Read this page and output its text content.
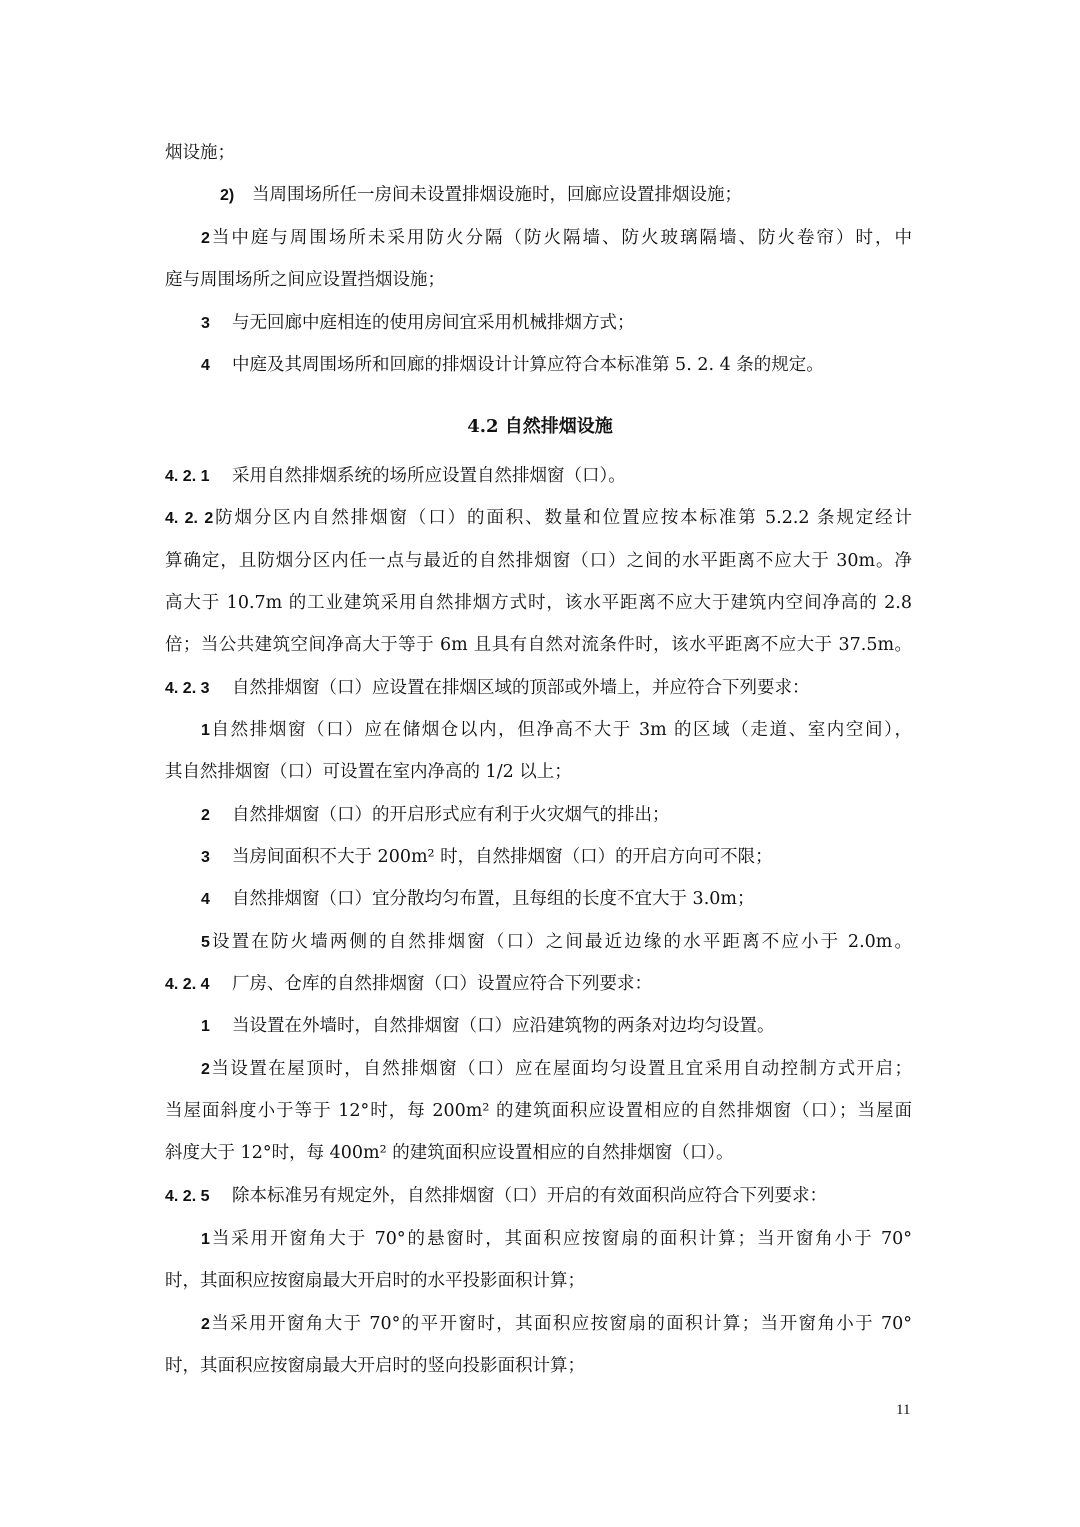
4.2 自然排烟设施
11
烟设施；
2) 当周围场所任一房间未设置排烟设施时，回廊应设置排烟设施；
2当中庭与周围场所未采用防火分隔（防火隔墙、防火玻璃隔墙、防火卷帘）时，中
庭与周围场所之间应设置挡烟设施；
3 与无回廊中庭相连的使用房间宜采用机械排烟方式；
4 中庭及其周围场所和回廊的排烟设计计算应符合本标准第 5. 2. 4 条的规定。
4. 2. 1 采用自然排烟系统的场所应设置自然排烟窗（口）。
4. 2. 2防烟分区内自然排烟窗（口）的面积、数量和位置应按本标准第 5.2.2 条规定经计
算确定，且防烟分区内任一点与最近的自然排烟窗（口）之间的水平距离不应大于 30m。净
高大于 10.7m 的工业建筑采用自然排烟方式时，该水平距离不应大于建筑内空间净高的 2.8
倍；当公共建筑空间净高大于等于 6m 且具有自然对流条件时，该水平距离不应大于 37.5m。
4. 2. 3 自然排烟窗（口）应设置在排烟区域的顶部或外墙上，并应符合下列要求：
1自然排烟窗（口）应在储烟仓以内，但净高不大于 3m 的区域（走道、室内空间），
其自然排烟窗（口）可设置在室内净高的 1/2 以上；
2 自然排烟窗（口）的开启形式应有利于火灾烟气的排出；
3 当房间面积不大于 200m² 时，自然排烟窗（口）的开启方向可不限；
4 自然排烟窗（口）宜分散均匀布置，且每组的长度不宜大于 3.0m；
5设置在防火墙两侧的自然排烟窗（口）之间最近边缘的水平距离不应小于 2.0m。
4. 2. 4 厂房、仓库的自然排烟窗（口）设置应符合下列要求：
1 当设置在外墙时，自然排烟窗（口）应沿建筑物的两条对边均匀设置。
2当设置在屋顶时，自然排烟窗（口）应在屋面均匀设置且宜采用自动控制方式开启；
当屋面斜度小于等于 12°时，每 200m² 的建筑面积应设置相应的自然排烟窗（口）；当屋面
斜度大于 12°时，每 400m² 的建筑面积应设置相应的自然排烟窗（口）。
4. 2. 5 除本标准另有规定外，自然排烟窗（口）开启的有效面积尚应符合下列要求：
1当采用开窗角大于 70°的悬窗时，其面积应按窗扇的面积计算；当开窗角小于 70°
时，其面积应按窗扇最大开启时的水平投影面积计算；
2当采用开窗角大于 70°的平开窗时，其面积应按窗扇的面积计算；当开窗角小于 70°
时，其面积应按窗扇最大开启时的竖向投影面积计算；
